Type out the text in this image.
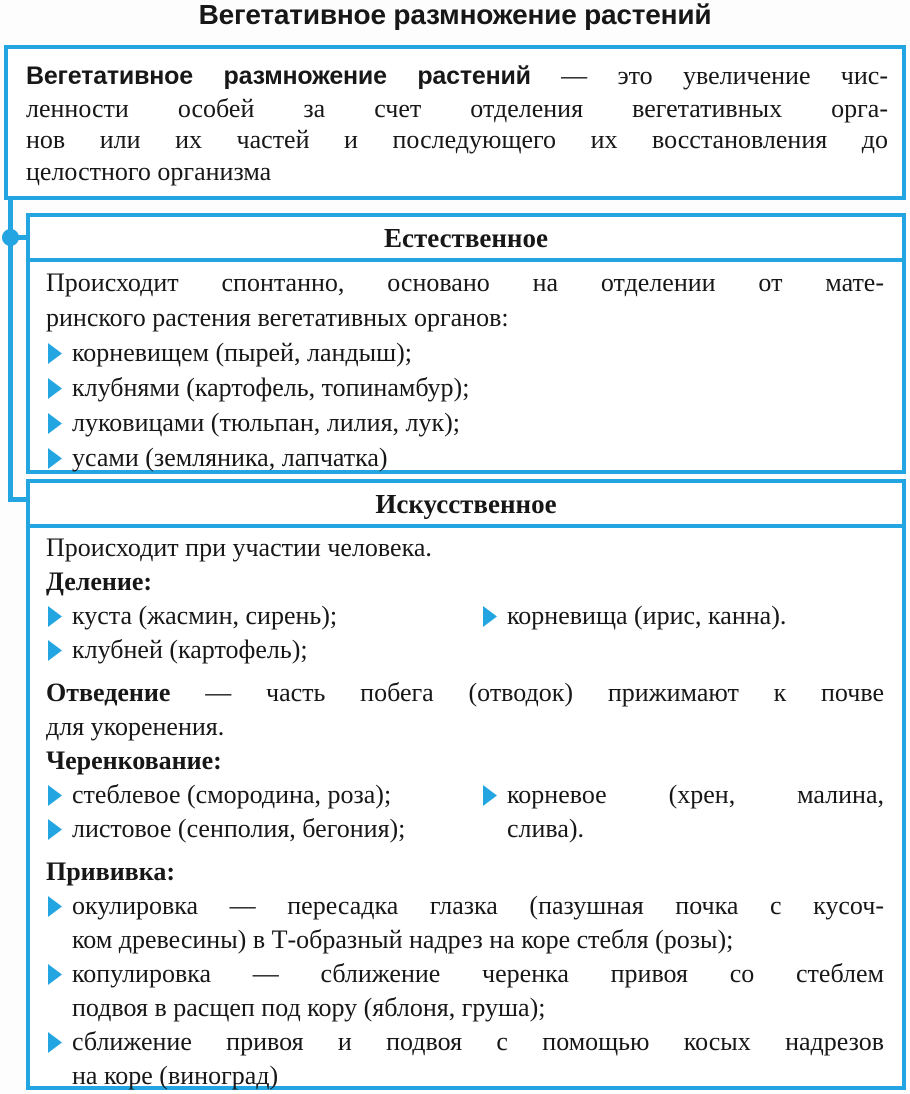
Вегетативное размножение растений
Вегетативное размножение растений — это увеличение чис-
ленности особей за счет отделения вегетативных орга-
нов или их частей и последующего их восстановления до
целостного организма
Естественное
Происходит спонтанно, основано на отделении от мате-
ринского растения вегетативных органов:
корневищем (пырей, ландыш);
клубнями (картофель, топинамбур);
луковицами (тюльпан, лилия, лук);
усами (земляника, лапчатка)
Искусственное
Происходит при участии человека.
Деление:
куста (жасмин, сирень);
клубней (картофель);
корневища (ирис, канна).
Отведение — часть побега (отводок) прижимают к почве
для укоренения.
Черенкование:
стеблевое (смородина, роза);
листовое (сенполия, бегония);
корневое (хрен, малина,
слива).
Прививка:
окулировка — пересадка глазка (пазушная почка с кусоч-
ком древесины) в Т-образный надрез на коре стебля (розы);
копулировка — сближение черенка привоя со стеблем
подвоя в расщеп под кору (яблоня, груша);
сближение привоя и подвоя с помощью косых надрезов
на коре (виноград)
